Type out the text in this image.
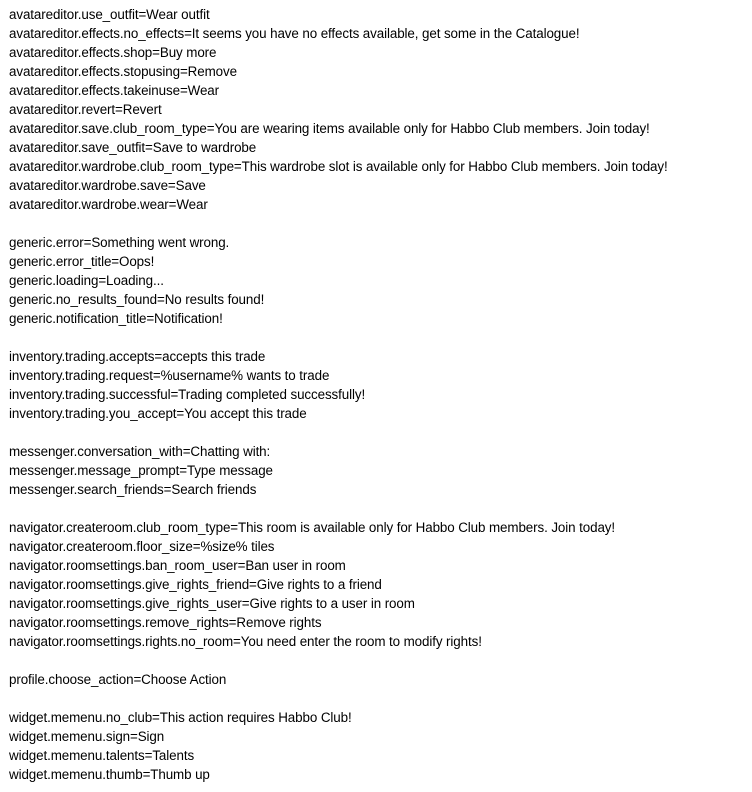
avatareditor.use_outfit=Wear outfit
avatareditor.effects.no_effects=It seems you have no effects available, get some in the Catalogue!
avatareditor.effects.shop=Buy more
avatareditor.effects.stopusing=Remove
avatareditor.effects.takeinuse=Wear
avatareditor.revert=Revert
avatareditor.save.club_room_type=You are wearing items available only for Habbo Club members. Join today!
avatareditor.save_outfit=Save to wardrobe
avatareditor.wardrobe.club_room_type=This wardrobe slot is available only for Habbo Club members. Join today!
avatareditor.wardrobe.save=Save
avatareditor.wardrobe.wear=Wear
generic.error=Something went wrong.
generic.error_title=Oops!
generic.loading=Loading...
generic.no_results_found=No results found!
generic.notification_title=Notification!
inventory.trading.accepts=accepts this trade
inventory.trading.request=%username% wants to trade
inventory.trading.successful=Trading completed successfully!
inventory.trading.you_accept=You accept this trade
messenger.conversation_with=Chatting with:
messenger.message_prompt=Type message
messenger.search_friends=Search friends
navigator.createroom.club_room_type=This room is available only for Habbo Club members. Join today!
navigator.createroom.floor_size=%size% tiles
navigator.roomsettings.ban_room_user=Ban user in room
navigator.roomsettings.give_rights_friend=Give rights to a friend
navigator.roomsettings.give_rights_user=Give rights to a user in room
navigator.roomsettings.remove_rights=Remove rights
navigator.roomsettings.rights.no_room=You need enter the room to modify rights!
profile.choose_action=Choose Action
widget.memenu.no_club=This action requires Habbo Club!
widget.memenu.sign=Sign
widget.memenu.talents=Talents
widget.memenu.thumb=Thumb up
